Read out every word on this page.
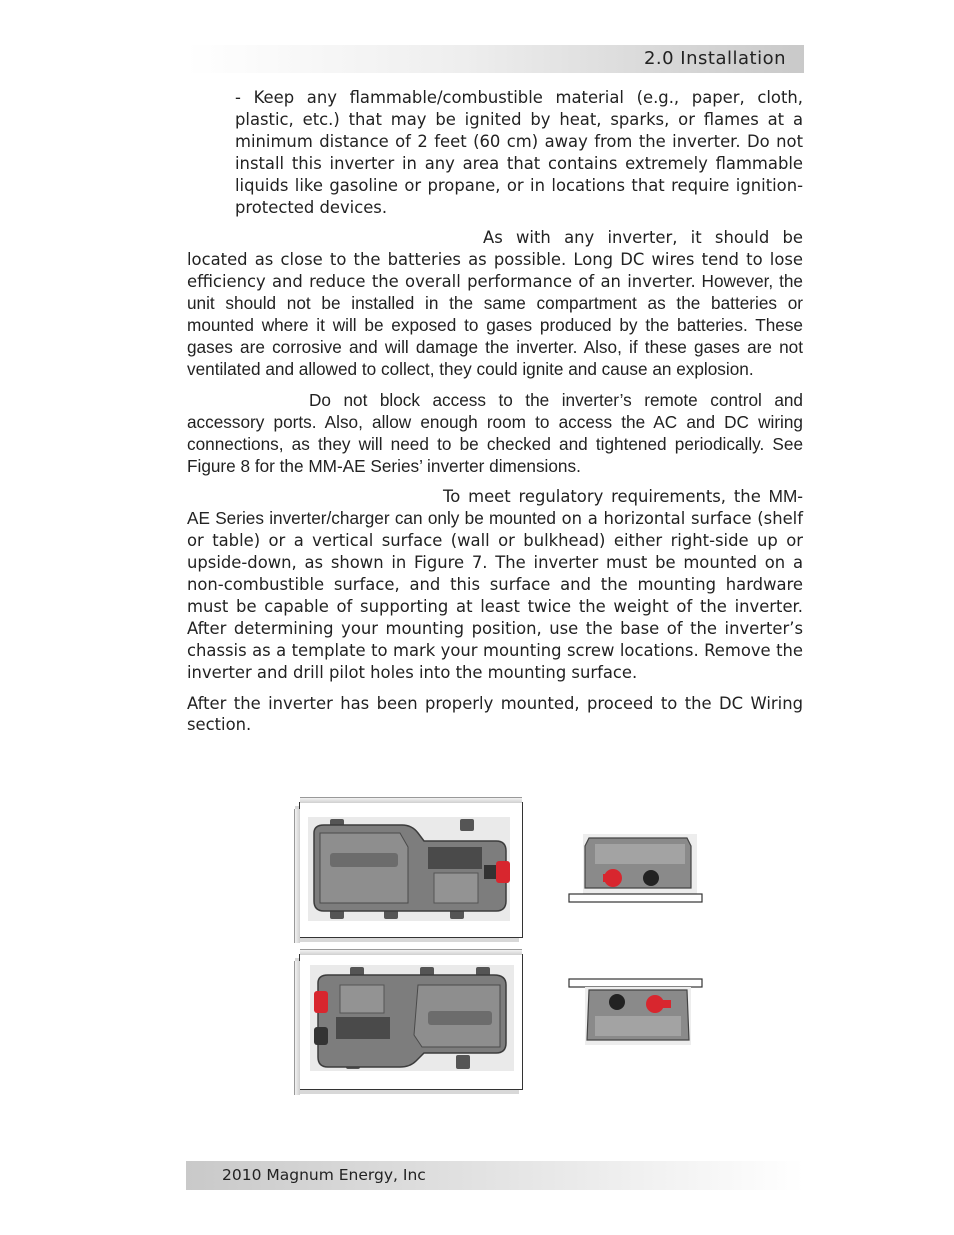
2.0 Installation

- Keep any flammable/combustible material (e.g., paper, cloth, plastic, etc.) that may be ignited by heat, sparks, or flames at a minimum distance of 2 feet (60 cm) away from the inverter. Do not install this inverter in any area that contains extremely flammable liquids like gasoline or propane, or in locations that require ignition-protected devices.

As with any inverter, it should be located as close to the batteries as possible. Long DC wires tend to lose efficiency and reduce the overall performance of an inverter. However, the unit should not be installed in the same compartment as the batteries or mounted where it will be exposed to gases produced by the batteries. These gases are corrosive and will damage the inverter. Also, if these gases are not ventilated and allowed to collect, they could ignite and cause an explosion.

Do not block access to the inverter’s remote control and accessory ports. Also, allow enough room to access the AC and DC wiring connections, as they will need to be checked and tightened periodically. See Figure 8 for the MM-AE Series’ inverter dimensions.

To meet regulatory requirements, the MM-AE Series inverter/charger can only be mounted on a horizontal surface (shelf or table) or a vertical surface (wall or bulkhead) either right-side up or upside-down, as shown in Figure 7. The inverter must be mounted on a non-combustible surface, and this surface and the mounting hardware must be capable of supporting at least twice the weight of the inverter. After determining your mounting position, use the base of the inverter’s chassis as a template to mark your mounting screw locations. Remove the inverter and drill pilot holes into the mounting surface.

After the inverter has been properly mounted, proceed to the DC Wiring section.

2010 Magnum Energy, Inc
